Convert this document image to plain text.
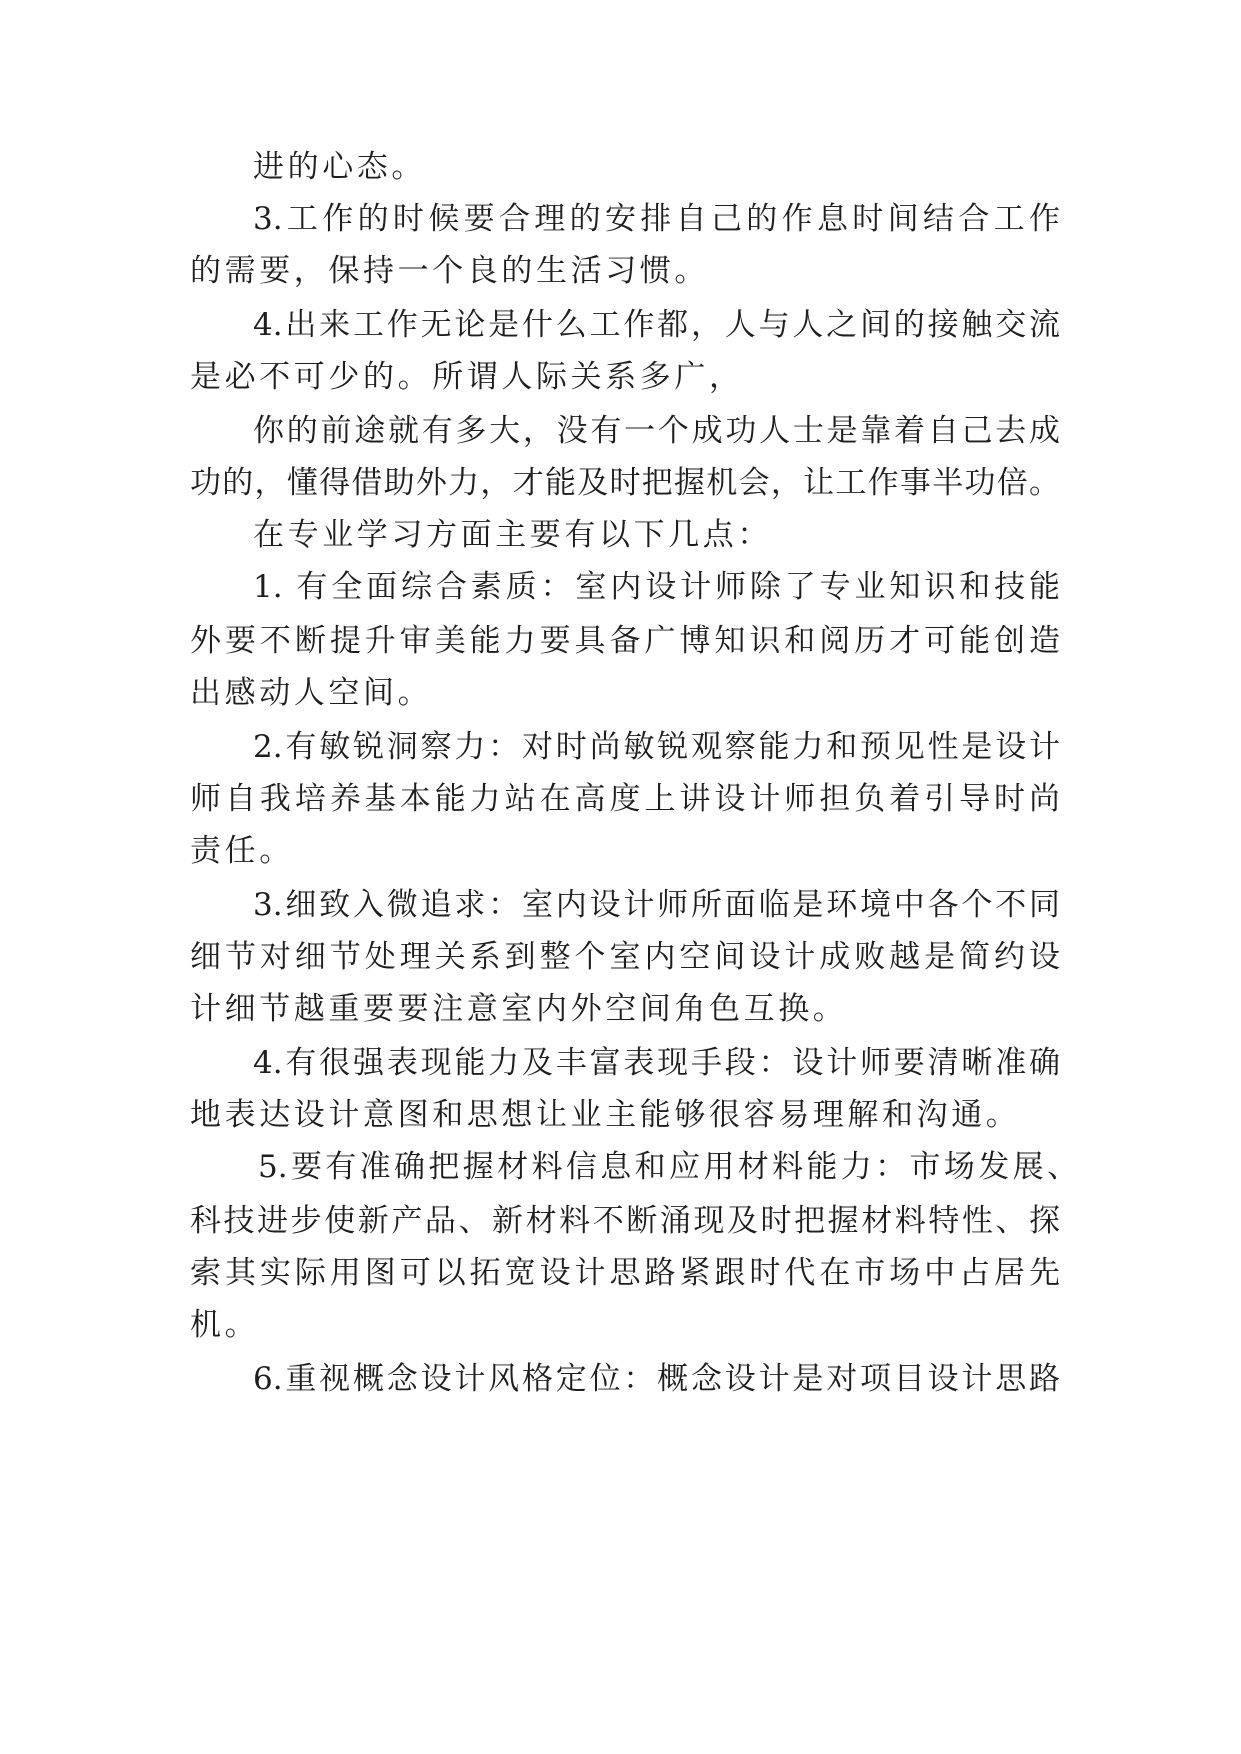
进的心态。
3.工作的时候要合理的安排自己的作息时间结合工作
的需要，保持一个良的生活习惯。
4.出来工作无论是什么工作都，人与人之间的接触交流
是必不可少的。所谓人际关系多广，
你的前途就有多大，没有一个成功人士是靠着自己去成
功的，懂得借助外力，才能及时把握机会，让工作事半功倍。
在专业学习方面主要有以下几点：
1. 有全面综合素质：室内设计师除了专业知识和技能
外要不断提升审美能力要具备广博知识和阅历才可能创造
出感动人空间。
2.有敏锐洞察力：对时尚敏锐观察能力和预见性是设计
师自我培养基本能力站在高度上讲设计师担负着引导时尚
责任。
3.细致入微追求：室内设计师所面临是环境中各个不同
细节对细节处理关系到整个室内空间设计成败越是简约设
计细节越重要要注意室内外空间角色互换。
4.有很强表现能力及丰富表现手段：设计师要清晰准确
地表达设计意图和思想让业主能够很容易理解和沟通。
5.要有准确把握材料信息和应用材料能力：市场发展、
科技进步使新产品、新材料不断涌现及时把握材料特性、探
索其实际用图可以拓宽设计思路紧跟时代在市场中占居先
机。
6.重视概念设计风格定位：概念设计是对项目设计思路
